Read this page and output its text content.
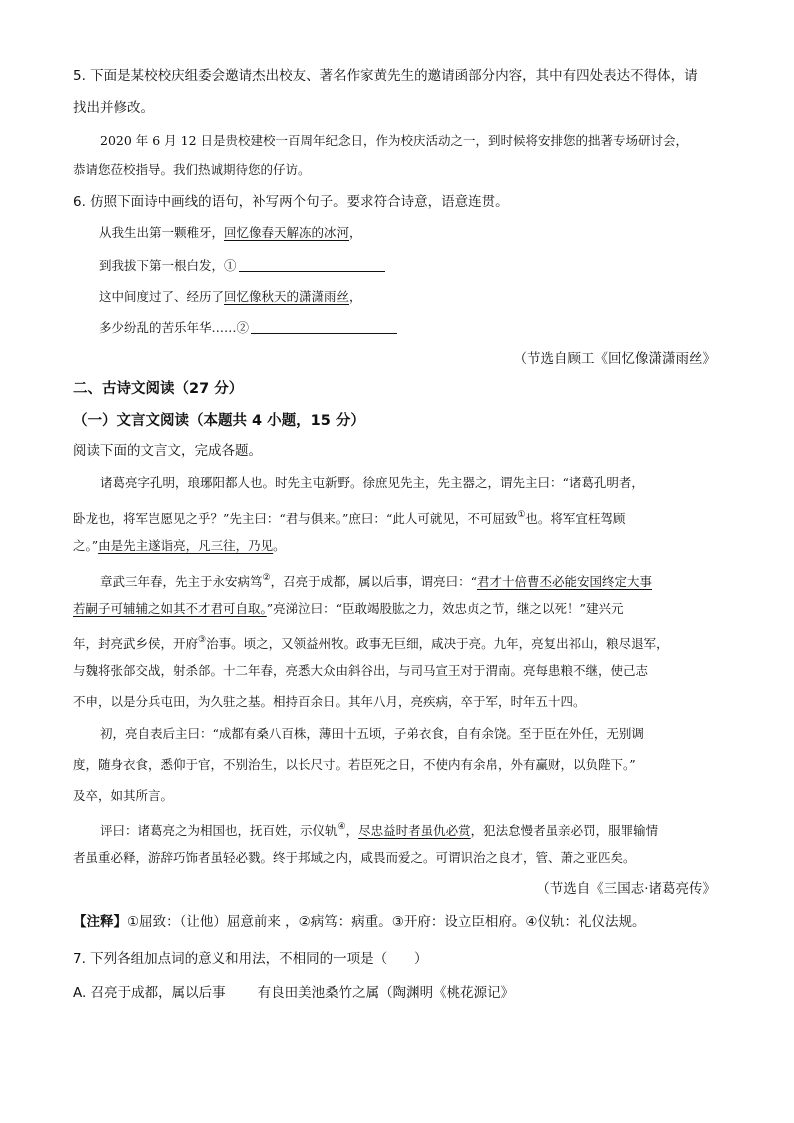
5. 下面是某校校庆组委会邀请杰出校友、著名作家黄先生的邀请函部分内容，其中有四处表达不得体，请
找出并修改。
2020 年 6 月 12 日是贵校建校一百周年纪念日，作为校庆活动之一，到时候将安排您的拙著专场研讨会，
恭请您莅校指导。我们热诚期待您的仔访。
6. 仿照下面诗中画线的语句，补写两个句子。要求符合诗意，语意连贯。
从我生出第一颗稚牙，回忆像春天解冻的冰河，
到我拔下第一根白发，①
这中间度过了、经历了回忆像秋天的潇潇雨丝，
多少纷乱的苦乐年华……②
（节选自顾工《回忆像潇潇雨丝》
二、古诗文阅读（27 分）
（一）文言文阅读（本题共 4 小题，15 分）
阅读下面的文言文，完成各题。
诸葛亮字孔明，琅琊阳都人也。时先主屯新野。徐庶见先主，先主器之，谓先主曰：“诸葛孔明者，
卧龙也，将军岂愿见之乎？”先主曰：“君与俱来。”庶曰：“此人可就见，不可屈致①也。将军宜枉驾顾
之。”由是先主遂诣亮，凡三往，乃见。
章武三年春，先主于永安病笃②，召亮于成都，属以后事，谓亮曰：“君才十倍曹丕必能安国终定大事
若嗣子可辅辅之如其不才君可自取。”亮涕泣曰：“臣敢竭股肱之力，效忠贞之节，继之以死！”建兴元
年，封亮武乡侯，开府③治事。顷之，又领益州牧。政事无巨细，咸决于亮。九年，亮复出祁山，粮尽退军，
与魏将张郃交战，射杀郃。十二年春，亮悉大众由斜谷出，与司马宣王对于渭南。亮每患粮不继，使己志
不申，以是分兵屯田，为久驻之基。相持百余日。其年八月，亮疾病，卒于军，时年五十四。
初，亮自表后主曰：“成都有桑八百株，薄田十五顷，子弟衣食，自有余饶。至于臣在外任，无别调
度，随身衣食，悉仰于官，不别治生，以长尺寸。若臣死之日，不使内有余帛，外有赢财，以负陛下。”
及卒，如其所言。
评曰：诸葛亮之为相国也，抚百姓，示仪轨④，尽忠益时者虽仇必赏，犯法怠慢者虽亲必罚，服罪输情
者虽重必释，游辞巧饰者虽轻必戮。终于邦域之内，咸畏而爱之。可谓识治之良才，管、萧之亚匹矣。
（节选自《三国志·诸葛亮传》
【注释】①屈致：（让他）屈意前来 ，②病笃：病重。③开府：设立臣相府。④仪轨：礼仪法规。
7. 下列各组加点词的意义和用法，不相同的一项是（　　）
A. 召亮于成都，属以后事 有良田美池桑竹之属（陶渊明《桃花源记》
